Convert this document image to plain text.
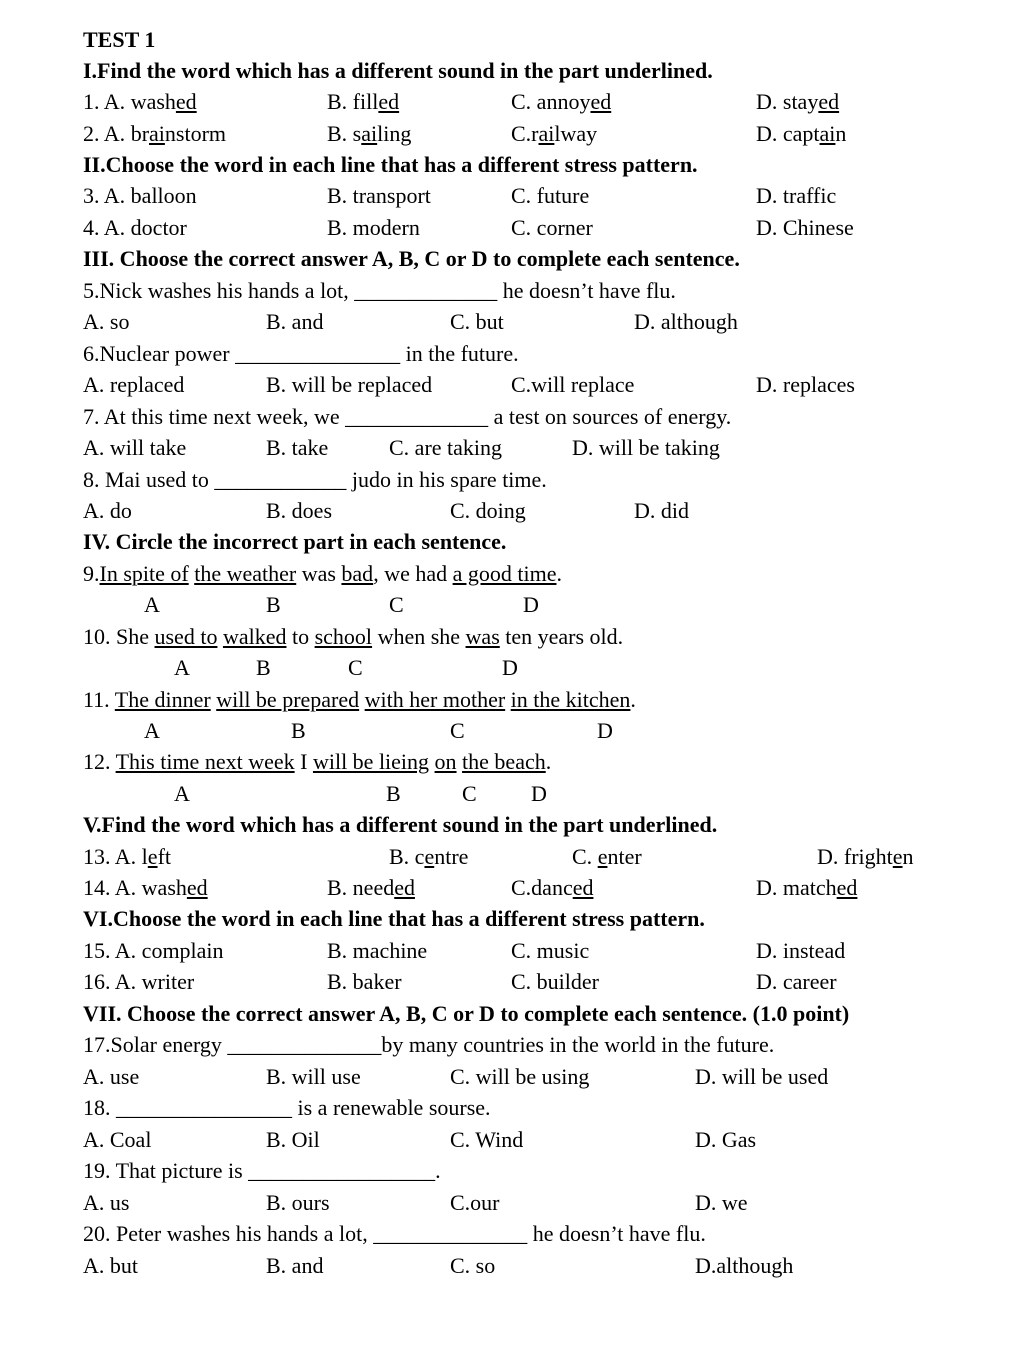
TEST 1
I.Find the word which has a different sound in the part underlined.
1. A. washed	B. filled	C. annoyed	D. stayed
2. A. brainstorm	B. sailing	C.railway	D. captain
II.Choose the word in each line that has a different stress pattern.
3. A. balloon	B. transport	C. future	D. traffic
4. A. doctor	B. modern	C. corner	D. Chinese
III. Choose the correct answer A, B, C or D to complete each sentence.
5.Nick washes his hands a lot, _____________ he doesn’t have flu.
A. so	B. and	C. but	D. although
6.Nuclear power _______________ in the future.
A. replaced	B. will be replaced	C.will replace	D. replaces
7. At this time next week, we _____________ a test on sources of energy.
A. will take	B. take	C. are taking	D. will be taking
8. Mai used to ____________ judo in his spare time.
A. do	B. does	C. doing	D. did
IV. Circle the incorrect part in each sentence.
9.In spite of the weather was bad, we had a good time.
A	B	C	D
10. She used to walked to school when she was ten years old.
A	B	C	D
11. The dinner will be prepared with her mother in the kitchen.
A	B	C	D
12. This time next week I will be lieing on the beach.
A	B	C D
V.Find the word which has a different sound in the part underlined.
13. A. left	B. centre	C. enter	D. frighten
14. A. washed	B. needed	C.danced	D. matched
VI.Choose the word in each line that has a different stress pattern.
15. A. complain	B. machine	C. music	D. instead
16. A. writer	B. baker	C. builder	D. career
VII. Choose the correct answer A, B, C or D to complete each sentence. (1.0 point)
17.Solar energy ______________by many countries in the world in the future.
A. use	B. will use	C. will be using	D. will be used
18. ________________ is a renewable sourse.
A. Coal	B. Oil	C. Wind	D. Gas
19. That picture is _________________.
A. us	B. ours	C.our	D. we
20. Peter washes his hands a lot, ______________ he doesn’t have flu.
A. but	B. and	C. so	D.although
